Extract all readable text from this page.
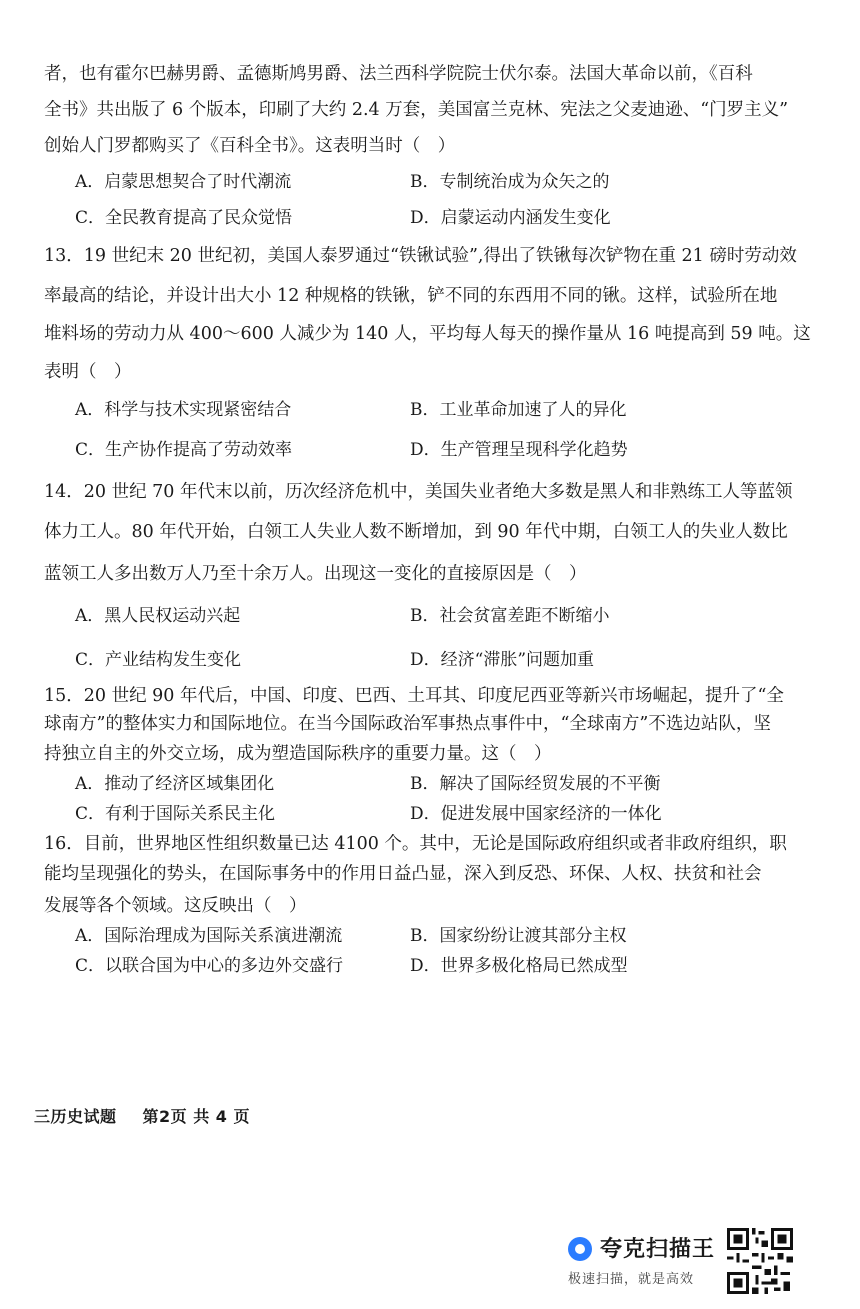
者，也有霍尔巴赫男爵、孟德斯鸠男爵、法兰西科学院院士伏尔泰。法国大革命以前，《百科
全书》共出版了 6 个版本，印刷了大约 2.4 万套，美国富兰克林、宪法之父麦迪逊、“门罗主义”
创始人门罗都购买了《百科全书》。这表明当时（　）
A．启蒙思想契合了时代潮流	B．专制统治成为众矢之的
C．全民教育提高了民众觉悟	D．启蒙运动内涵发生变化
13．19 世纪末 20 世纪初，美国人泰罗通过“铁锹试验”,得出了铁锹每次铲物在重 21 磅时劳动效
率最高的结论，并设计出大小 12 种规格的铁锹，铲不同的东西用不同的锹。这样，试验所在地
堆料场的劳动力从 400～600 人减少为 140 人，平均每人每天的操作量从 16 吨提高到 59 吨。这
表明（　）
A．科学与技术实现紧密结合	B．工业革命加速了人的异化
C．生产协作提高了劳动效率	D．生产管理呈现科学化趋势
14．20 世纪 70 年代末以前，历次经济危机中，美国失业者绝大多数是黑人和非熟练工人等蓝领
体力工人。80 年代开始，白领工人失业人数不断增加，到 90 年代中期，白领工人的失业人数比
蓝领工人多出数万人乃至十余万人。出现这一变化的直接原因是（　）
A．黑人民权运动兴起	B．社会贫富差距不断缩小
C．产业结构发生变化	D．经济“滞胀”问题加重
15．20 世纪 90 年代后，中国、印度、巴西、土耳其、印度尼西亚等新兴市场崛起，提升了“全
球南方”的整体实力和国际地位。在当今国际政治军事热点事件中，“全球南方”不选边站队，坚
持独立自主的外交立场，成为塑造国际秩序的重要力量。这（　）
A．推动了经济区域集团化	B．解决了国际经贸发展的不平衡
C．有利于国际关系民主化	D．促进发展中国家经济的一体化
16．目前，世界地区性组织数量已达 4100 个。其中，无论是国际政府组织或者非政府组织，职
能均呈现强化的势头，在国际事务中的作用日益凸显，深入到反恐、环保、人权、扶贫和社会
发展等各个领域。这反映出（　）
A．国际治理成为国际关系演进潮流	B．国家纷纷让渡其部分主权
C．以联合国为中心的多边外交盛行	D．世界多极化格局已然成型
三历史试题 第2页 共 4 页
夸克扫描王
极速扫描，就是高效
